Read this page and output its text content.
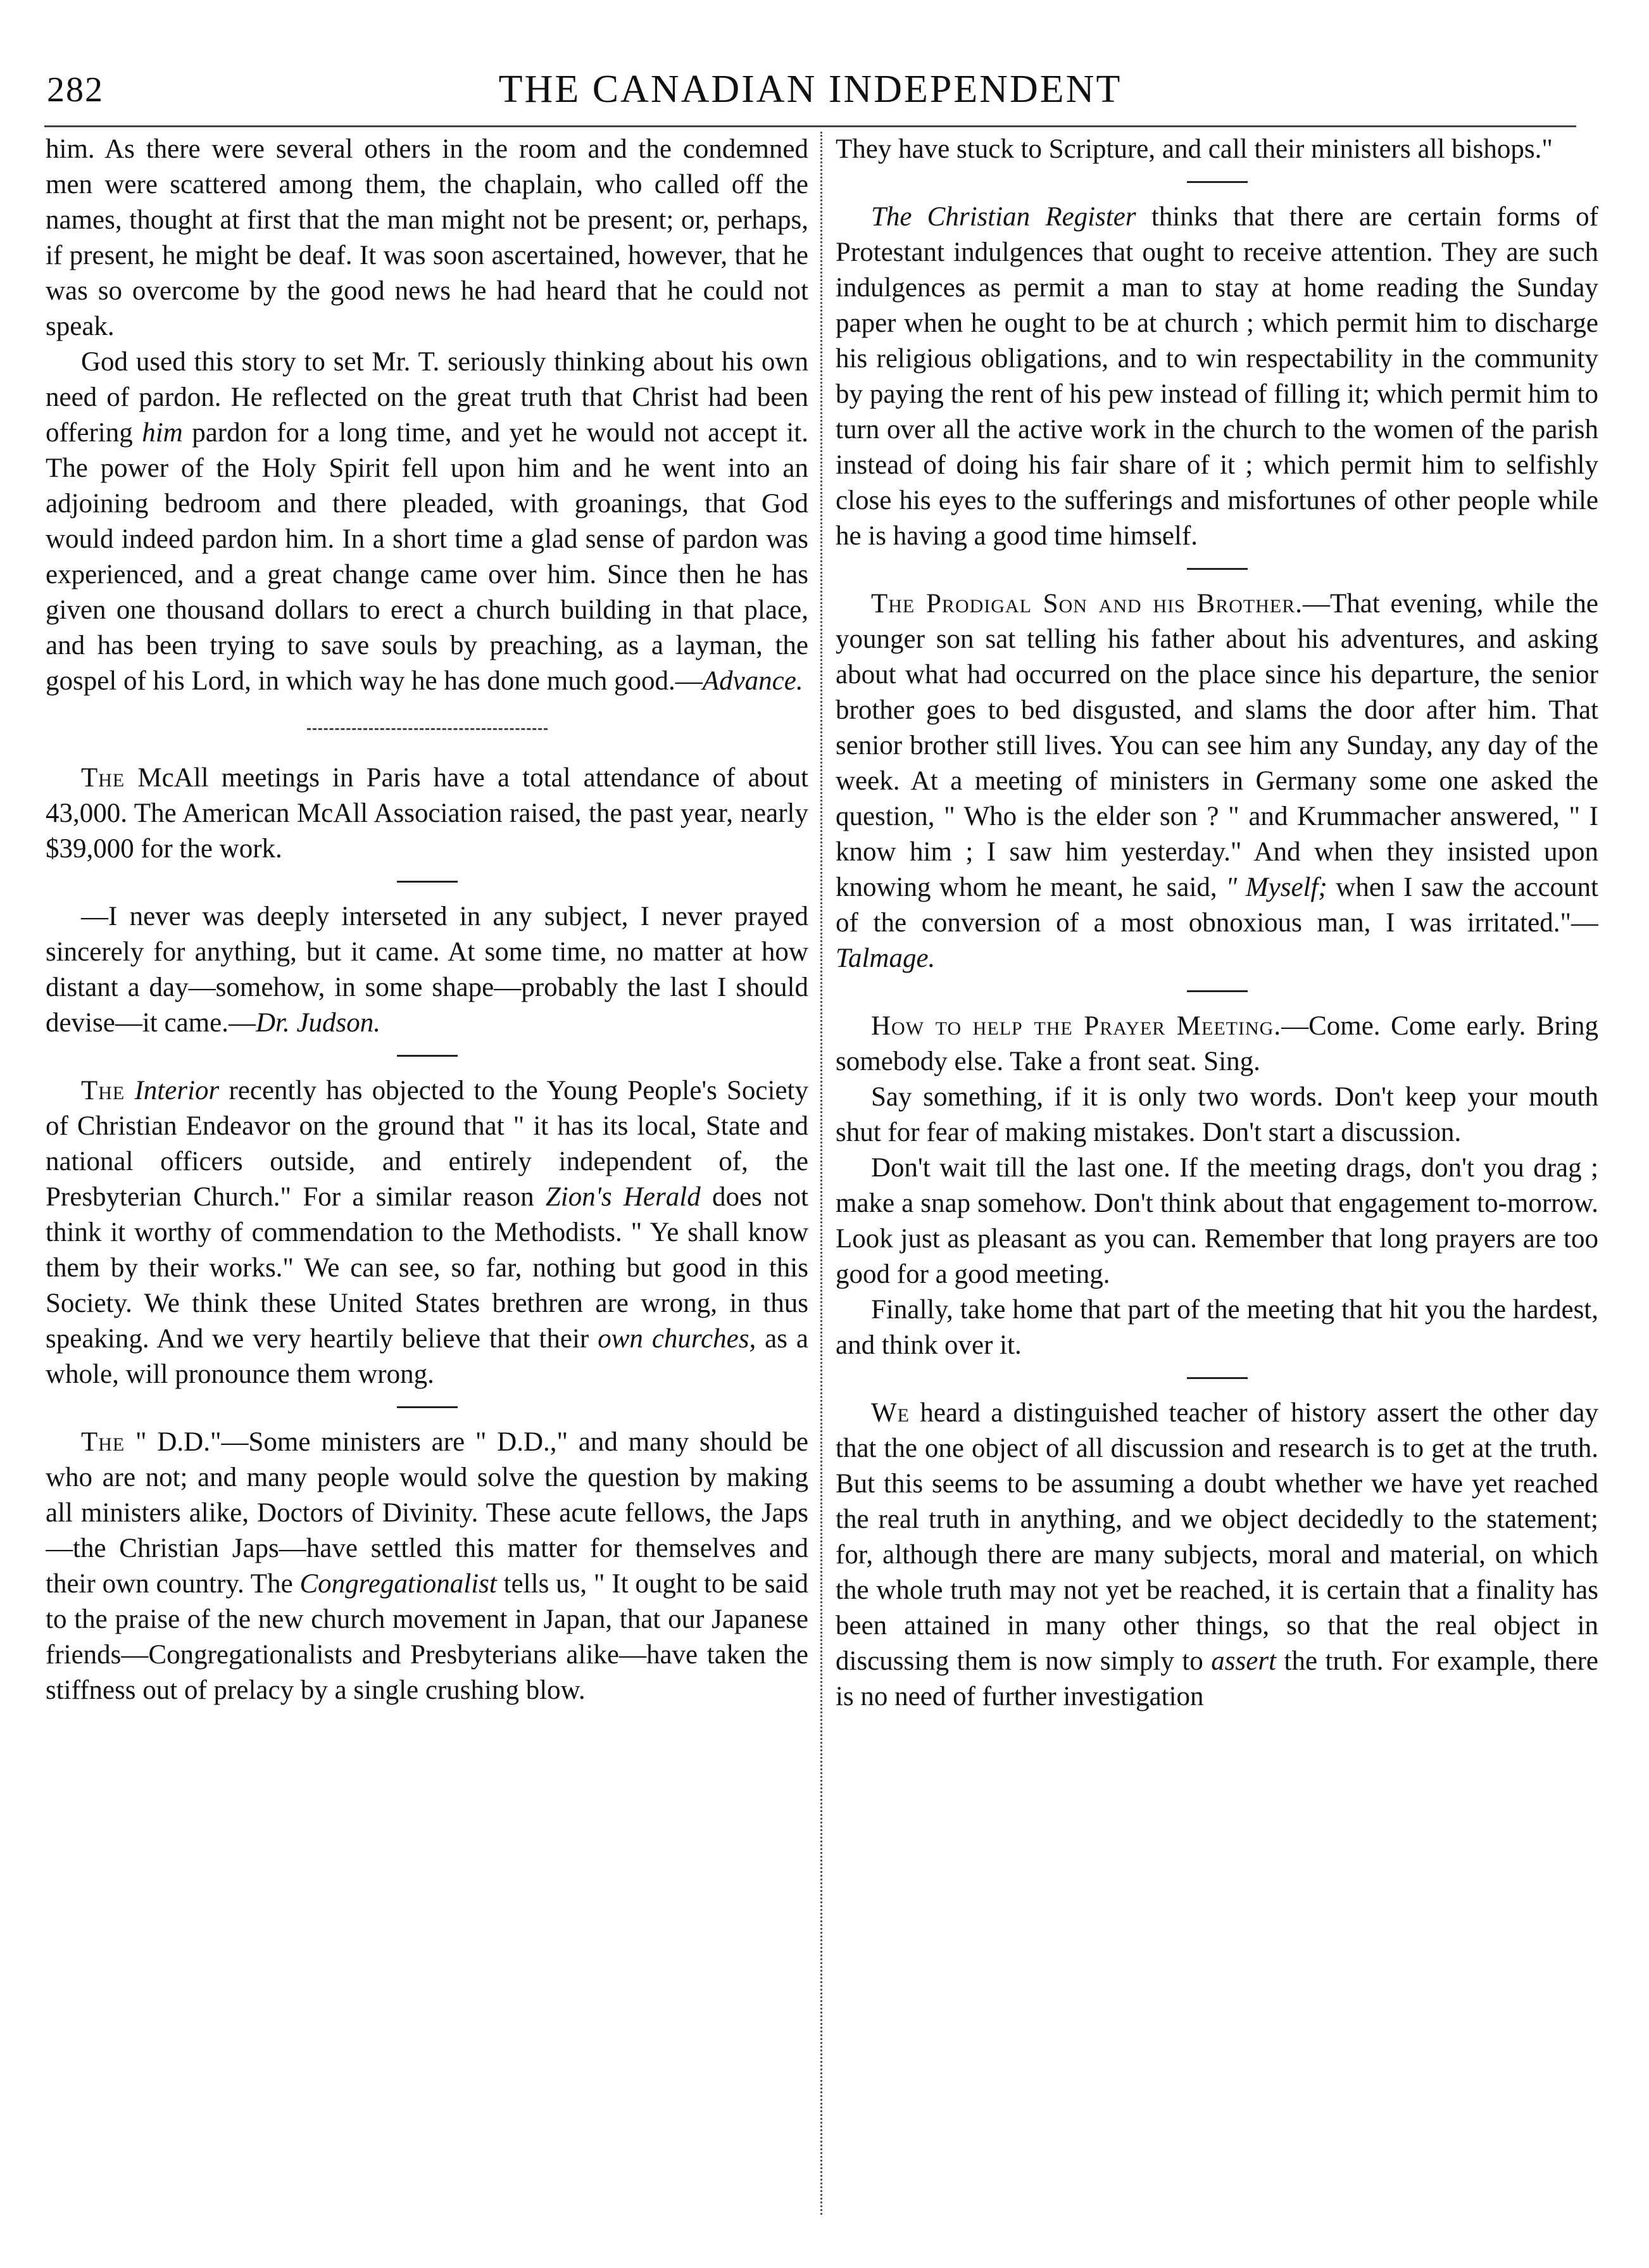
282	THE CANADIAN INDEPENDENT

him. As there were several others in the room and the condemned men were scattered among them, the chaplain, who called off the names, thought at first that the man might not be present; or, perhaps, if present, he might be deaf. It was soon ascertained, however, that he was so overcome by the good news he had heard that he could not speak.

God used this story to set Mr. T. seriously thinking about his own need of pardon. He reflected on the great truth that Christ had been offering him pardon for a long time, and yet he would not accept it. The power of the Holy Spirit fell upon him and he went into an adjoining bedroom and there pleaded, with groanings, that God would indeed pardon him. In a short time a glad sense of pardon was experienced, and a great change came over him. Since then he has given one thousand dollars to erect a church building in that place, and has been trying to save souls by preaching, as a layman, the gospel of his Lord, in which way he has done much good.—Advance.

The McAll meetings in Paris have a total attendance of about 43,000. The American McAll Association raised, the past year, nearly $39,000 for the work.

—I never was deeply interseted in any subject, I never prayed sincerely for anything, but it came. At some time, no matter at how distant a day—somehow, in some shape—probably the last I should devise—it came.—Dr. Judson.

The Interior recently has objected to the Young People's Society of Christian Endeavor on the ground that " it has its local, State and national officers outside, and entirely independent of, the Presbyterian Church." For a similar reason Zion's Herald does not think it worthy of commendation to the Methodists. " Ye shall know them by their works." We can see, so far, nothing but good in this Society. We think these United States brethren are wrong, in thus speaking. And we very heartily believe that their own churches, as a whole, will pronounce them wrong.

The " D.D."—Some ministers are " D.D.," and many should be who are not; and many people would solve the question by making all ministers alike, Doctors of Divinity. These acute fellows, the Japs—the Christian Japs—have settled this matter for themselves and their own country. The Congregationalist tells us, " It ought to be said to the praise of the new church movement in Japan, that our Japanese friends—Congregationalists and Presbyterians alike—have taken the stiffness out of prelacy by a single crushing blow.

They have stuck to Scripture, and call their ministers all bishops."

The Christian Register thinks that there are certain forms of Protestant indulgences that ought to receive attention. They are such indulgences as permit a man to stay at home reading the Sunday paper when he ought to be at church ; which permit him to discharge his religious obligations, and to win respectability in the community by paying the rent of his pew instead of filling it; which permit him to turn over all the active work in the church to the women of the parish instead of doing his fair share of it ; which permit him to selfishly close his eyes to the sufferings and misfortunes of other people while he is having a good time himself.

The Prodigal Son and his Brother.—That evening, while the younger son sat telling his father about his adventures, and asking about what had occurred on the place since his departure, the senior brother goes to bed disgusted, and slams the door after him. That senior brother still lives. You can see him any Sunday, any day of the week. At a meeting of ministers in Germany some one asked the question, " Who is the elder son ? " and Krummacher answered, " I know him ; I saw him yesterday." And when they insisted upon knowing whom he meant, he said, " Myself; when I saw the account of the conversion of a most obnoxious man, I was irritated."—Talmage.

How to help the Prayer Meeting.—Come. Come early. Bring somebody else. Take a front seat. Sing.

Say something, if it is only two words. Don't keep your mouth shut for fear of making mistakes. Don't start a discussion.

Don't wait till the last one. If the meeting drags, don't you drag ; make a snap somehow. Don't think about that engagement to-morrow. Look just as pleasant as you can. Remember that long prayers are too good for a good meeting.

Finally, take home that part of the meeting that hit you the hardest, and think over it.

We heard a distinguished teacher of history assert the other day that the one object of all discussion and research is to get at the truth. But this seems to be assuming a doubt whether we have yet reached the real truth in anything, and we object decidedly to the statement; for, although there are many subjects, moral and material, on which the whole truth may not yet be reached, it is certain that a finality has been attained in many other things, so that the real object in discussing them is now simply to assert the truth. For example, there is no need of further investigation
